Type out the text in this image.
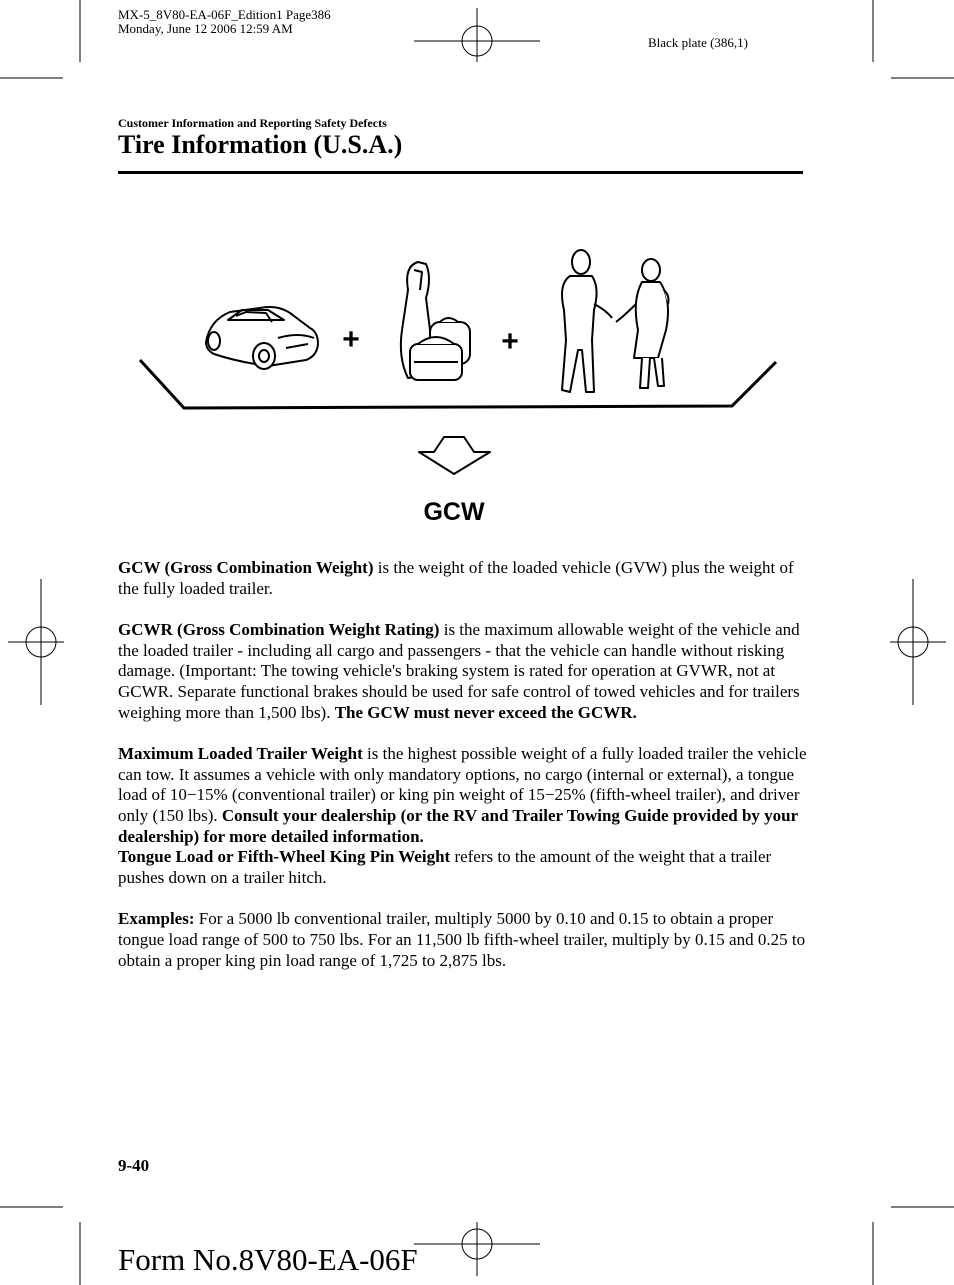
MX-5_8V80-EA-06F_Edition1 Page386
Monday, June 12 2006 12:59 AM
Black plate (386,1)
Customer Information and Reporting Safety Defects
Tire Information (U.S.A.)
+	+
GCW

GCW (Gross Combination Weight) is the weight of the loaded vehicle (GVW) plus the weight of the fully loaded trailer.

GCWR (Gross Combination Weight Rating) is the maximum allowable weight of the vehicle and the loaded trailer - including all cargo and passengers - that the vehicle can handle without risking damage. (Important: The towing vehicle's braking system is rated for operation at GVWR, not at GCWR. Separate functional brakes should be used for safe control of towed vehicles and for trailers weighing more than 1,500 lbs). The GCW must never exceed the GCWR.

Maximum Loaded Trailer Weight is the highest possible weight of a fully loaded trailer the vehicle can tow. It assumes a vehicle with only mandatory options, no cargo (internal or external), a tongue load of 10−15% (conventional trailer) or king pin weight of 15−25% (fifth-wheel trailer), and driver only (150 lbs). Consult your dealership (or the RV and Trailer Towing Guide provided by your dealership) for more detailed information.
Tongue Load or Fifth-Wheel King Pin Weight refers to the amount of the weight that a trailer pushes down on a trailer hitch.

Examples: For a 5000 lb conventional trailer, multiply 5000 by 0.10 and 0.15 to obtain a proper tongue load range of 500 to 750 lbs. For an 11,500 lb fifth-wheel trailer, multiply by 0.15 and 0.25 to obtain a proper king pin load range of 1,725 to 2,875 lbs.

9-40
Form No.8V80-EA-06F
